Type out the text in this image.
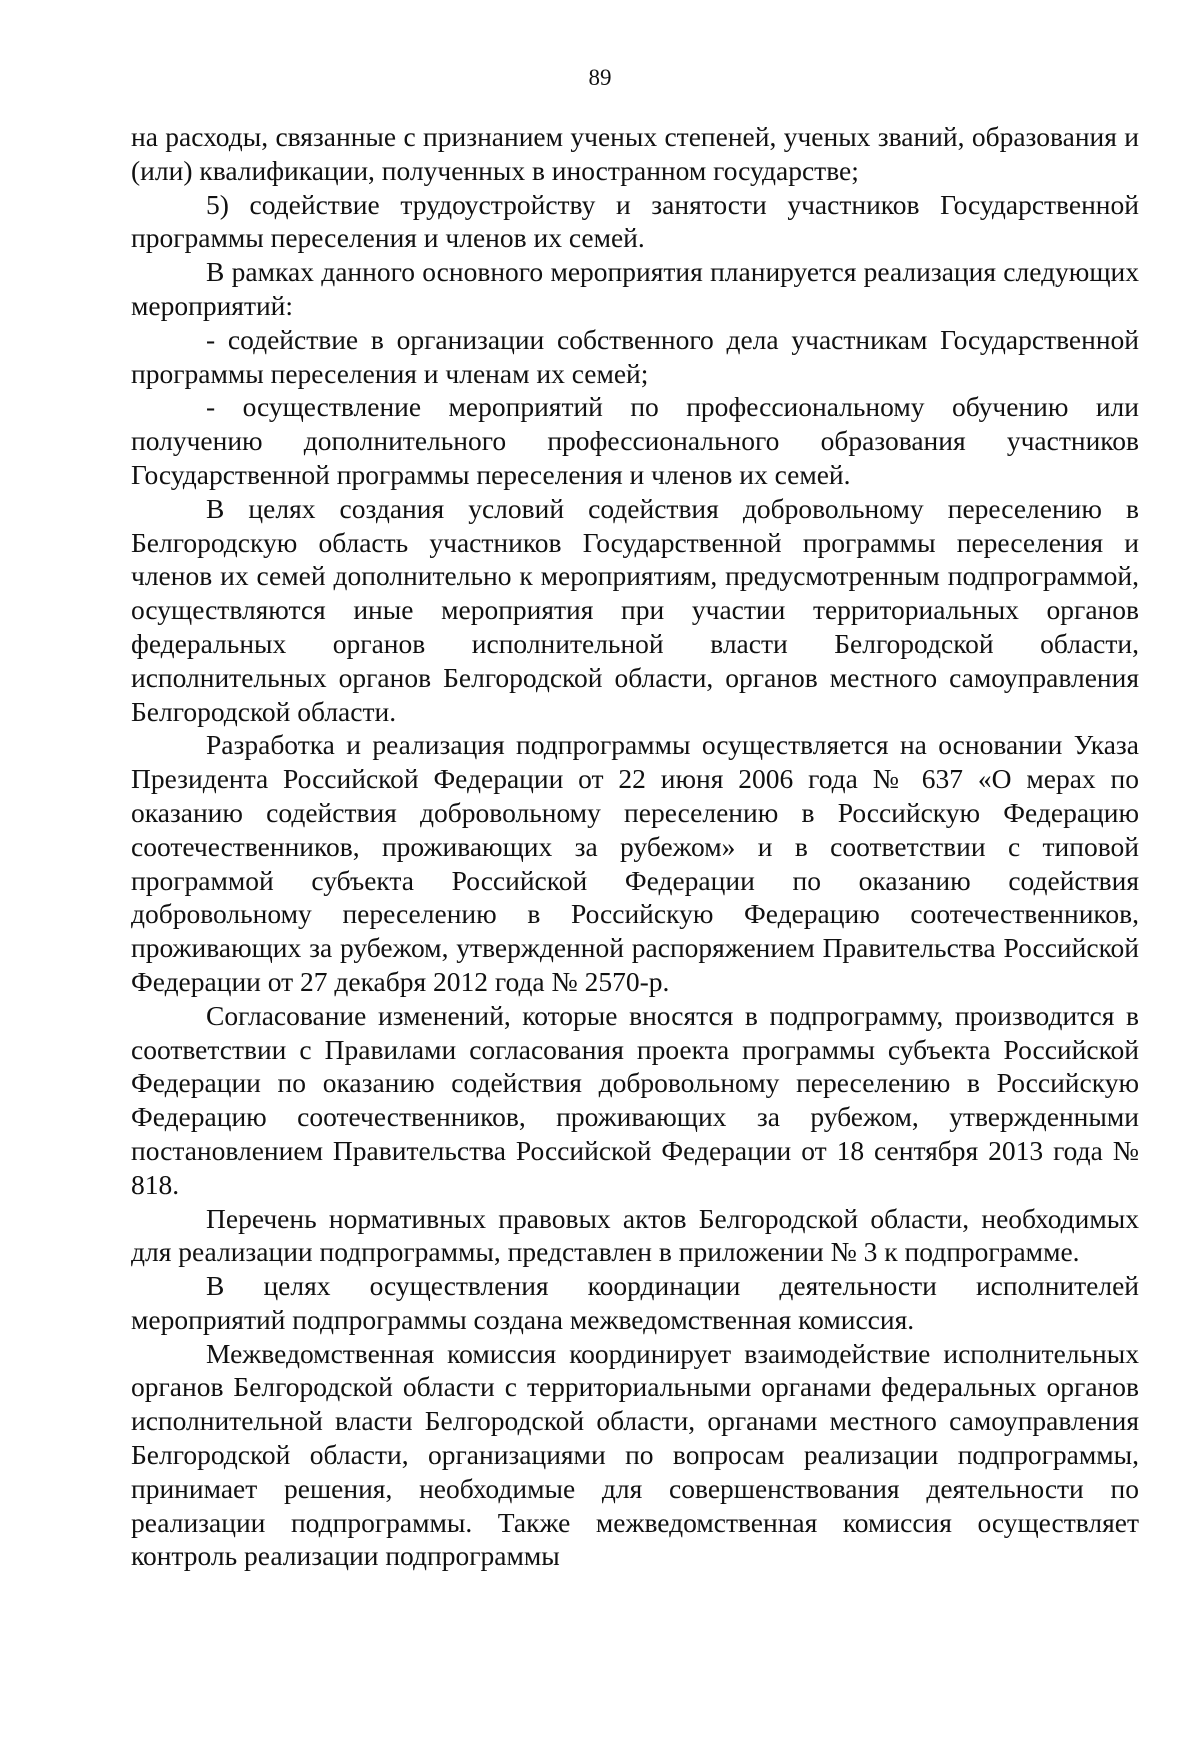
89

на расходы, связанные с признанием ученых степеней, ученых званий, образования и (или) квалификации, полученных в иностранном государстве;

5) содействие трудоустройству и занятости участников Государственной программы переселения и членов их семей.

В рамках данного основного мероприятия планируется реализация следующих мероприятий:

- содействие в организации собственного дела участникам Государственной программы переселения и членам их семей;

- осуществление мероприятий по профессиональному обучению или получению дополнительного профессионального образования участников Государственной программы переселения и членов их семей.

В целях создания условий содействия добровольному переселению в Белгородскую область участников Государственной программы переселения и членов их семей дополнительно к мероприятиям, предусмотренным подпрограммой, осуществляются иные мероприятия при участии территориальных органов федеральных органов исполнительной власти Белгородской области, исполнительных органов Белгородской области, органов местного самоуправления Белгородской области.

Разработка и реализация подпрограммы осуществляется на основании Указа Президента Российской Федерации от 22 июня 2006 года № 637 «О мерах по оказанию содействия добровольному переселению в Российскую Федерацию соотечественников, проживающих за рубежом» и в соответствии с типовой программой субъекта Российской Федерации по оказанию содействия добровольному переселению в Российскую Федерацию соотечественников, проживающих за рубежом, утвержденной распоряжением Правительства Российской Федерации от 27 декабря 2012 года № 2570-р.

Согласование изменений, которые вносятся в подпрограмму, производится в соответствии с Правилами согласования проекта программы субъекта Российской Федерации по оказанию содействия добровольному переселению в Российскую Федерацию соотечественников, проживающих за рубежом, утвержденными постановлением Правительства Российской Федерации от 18 сентября 2013 года № 818.

Перечень нормативных правовых актов Белгородской области, необходимых для реализации подпрограммы, представлен в приложении № 3 к подпрограмме.

В целях осуществления координации деятельности исполнителей мероприятий подпрограммы создана межведомственная комиссия.

Межведомственная комиссия координирует взаимодействие исполнительных органов Белгородской области с территориальными органами федеральных органов исполнительной власти Белгородской области, органами местного самоуправления Белгородской области, организациями по вопросам реализации подпрограммы, принимает решения, необходимые для совершенствования деятельности по реализации подпрограммы. Также межведомственная комиссия осуществляет контроль реализации подпрограммы
